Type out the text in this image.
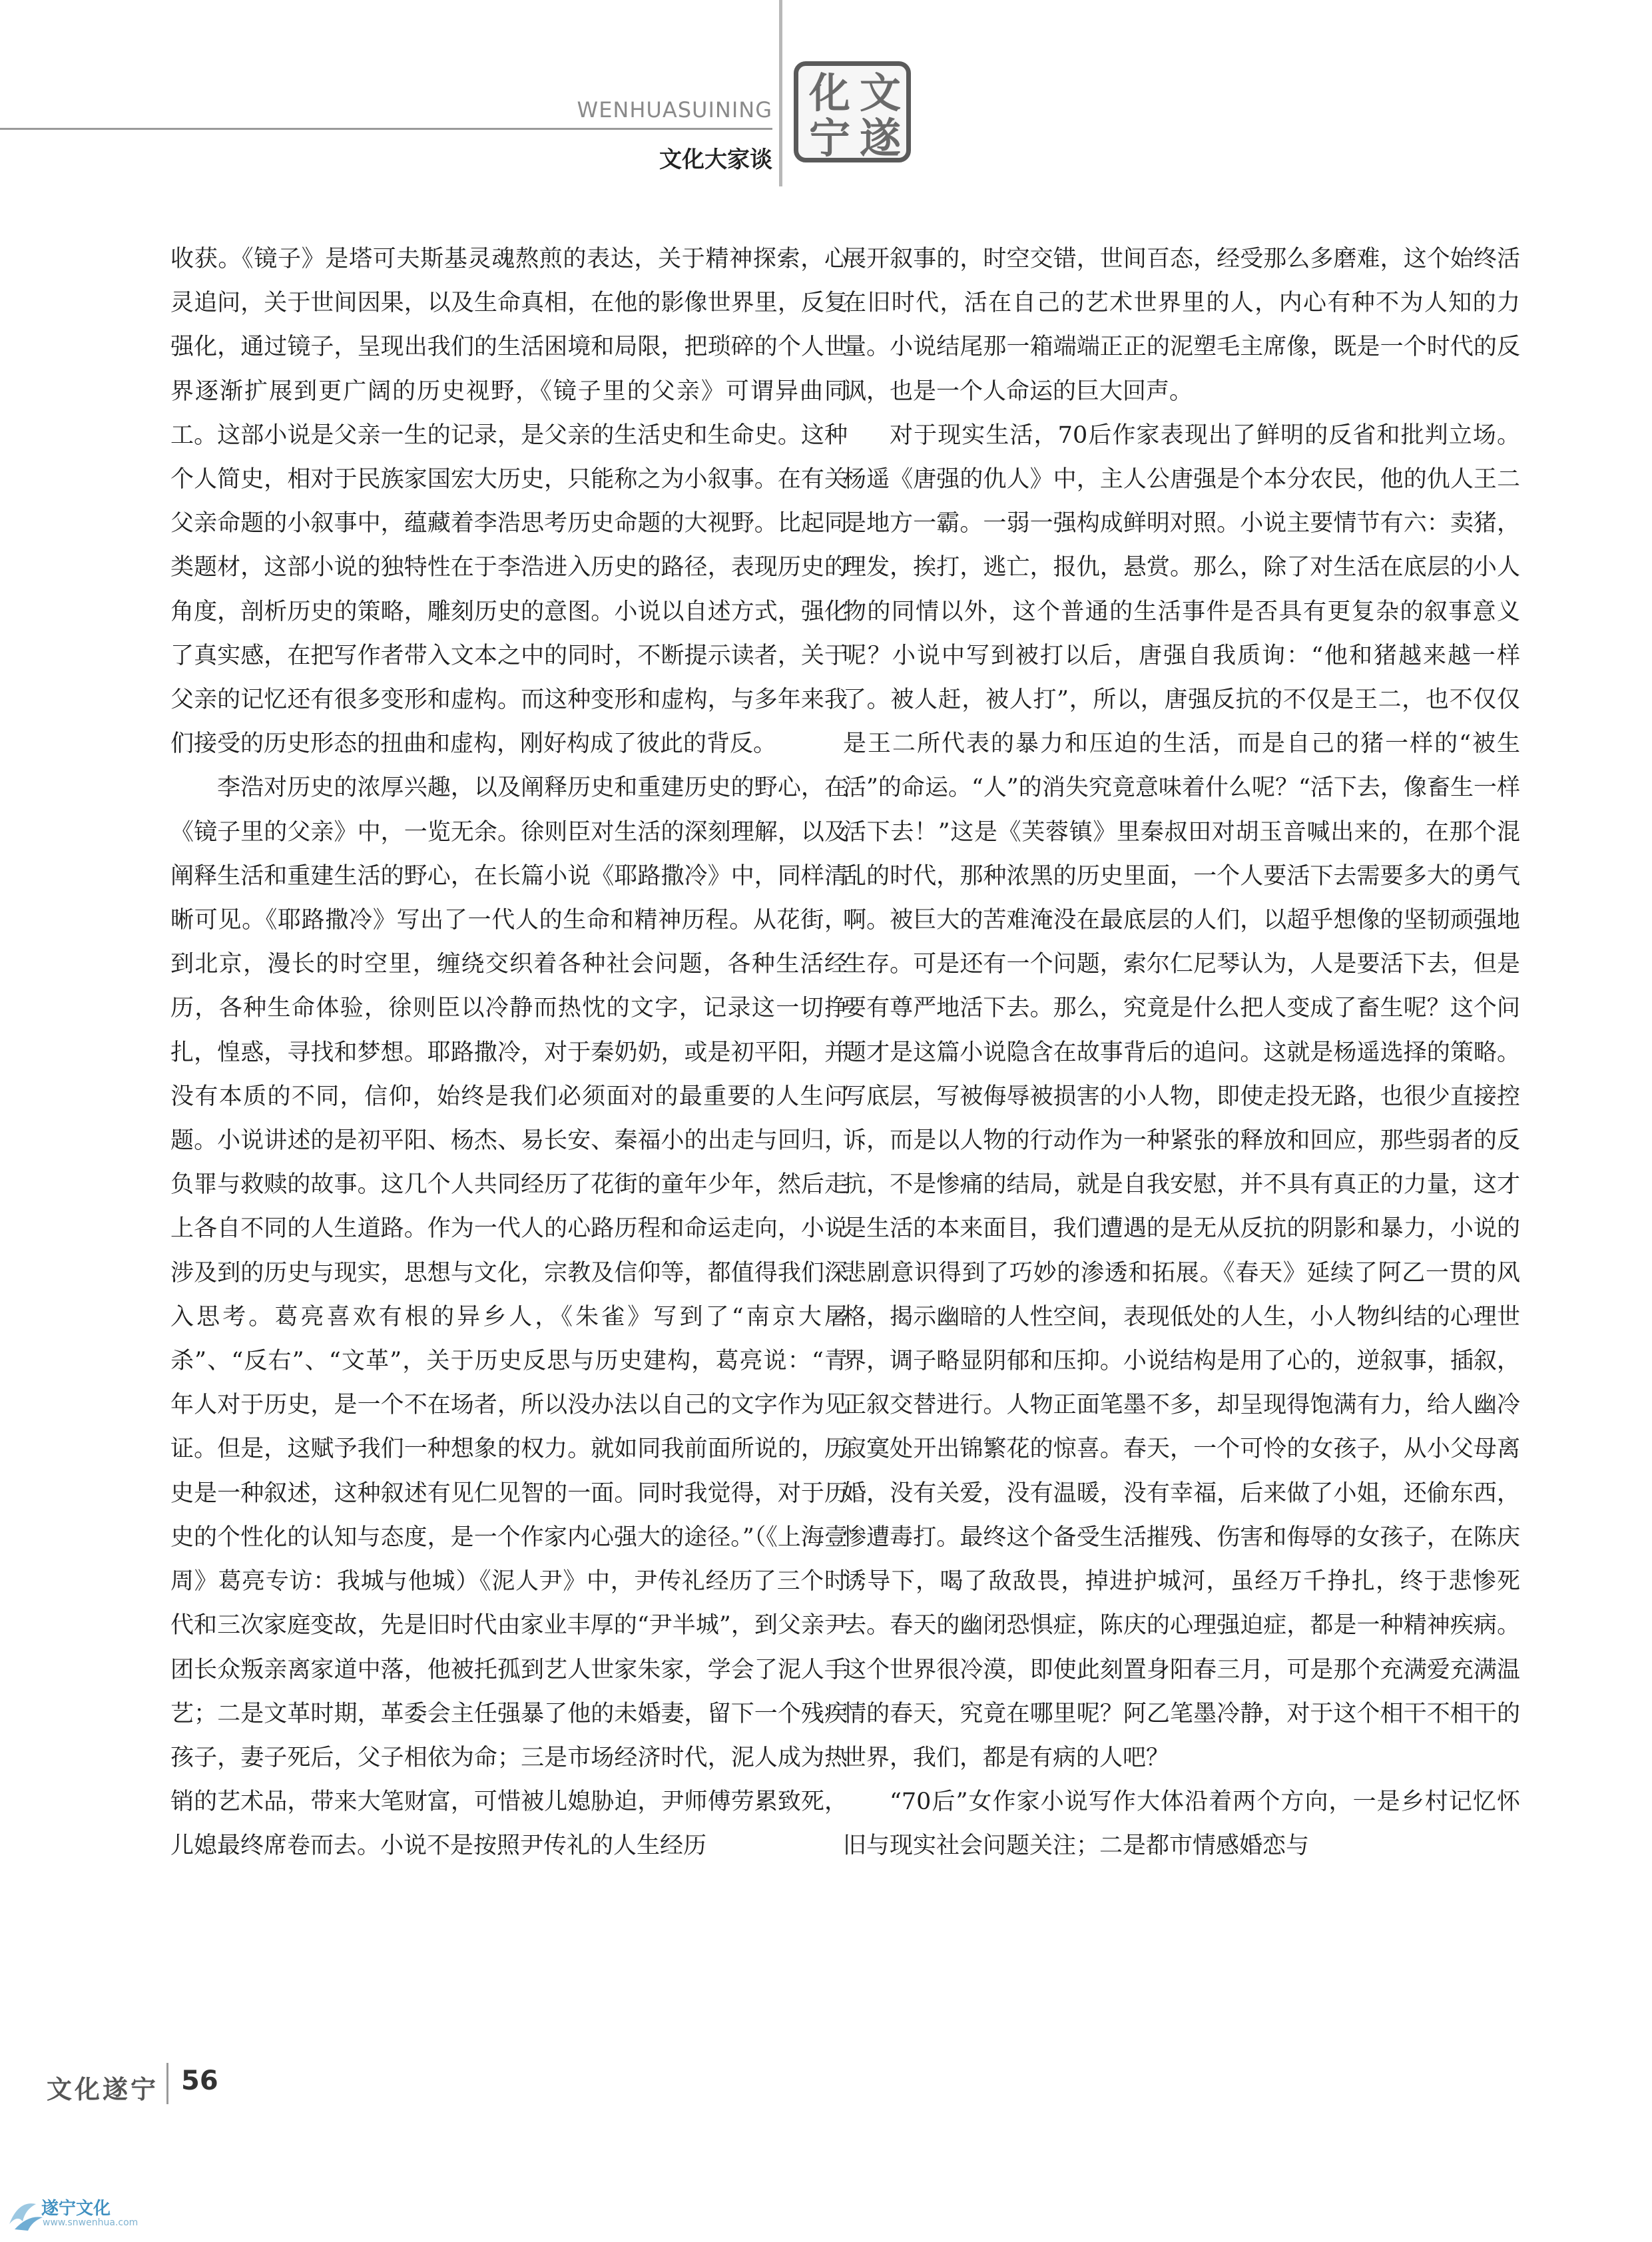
WENHUASUINING
文化大家谈
文
化
遂
宁

收获。《镜子》是塔可夫斯基灵魂熬煎的表达，关于精神探索，心灵追问，关于世间因果，以及生命真相，在他的影像世界里，反复强化，通过镜子，呈现出我们的生活困境和局限，把琐碎的个人世界逐渐扩展到更广阔的历史视野，《镜子里的父亲》可谓异曲同工。这部小说是父亲一生的记录，是父亲的生活史和生命史。这种个人简史，相对于民族家国宏大历史，只能称之为小叙事。在有关父亲命题的小叙事中，蕴藏着李浩思考历史命题的大视野。比起同类题材，这部小说的独特性在于李浩进入历史的路径，表现历史的角度，剖析历史的策略，雕刻历史的意图。小说以自述方式，强化了真实感，在把写作者带入文本之中的同时，不断提示读者，关于父亲的记忆还有很多变形和虚构。而这种变形和虚构，与多年来我们接受的历史形态的扭曲和虚构，刚好构成了彼此的背反。

李浩对历史的浓厚兴趣，以及阐释历史和重建历史的野心，在《镜子里的父亲》中，一览无余。徐则臣对生活的深刻理解，以及阐释生活和重建生活的野心，在长篇小说《耶路撒冷》中，同样清晰可见。《耶路撒冷》写出了一代人的生命和精神历程。从花街，到北京，漫长的时空里，缠绕交织着各种社会问题，各种生活经历，各种生命体验，徐则臣以冷静而热忱的文字，记录这一切挣扎，惶惑，寻找和梦想。耶路撒冷，对于秦奶奶，或是初平阳，并没有本质的不同，信仰，始终是我们必须面对的最重要的人生问题。小说讲述的是初平阳、杨杰、易长安、秦福小的出走与回归，负罪与救赎的故事。这几个人共同经历了花街的童年少年，然后走上各自不同的人生道路。作为一代人的心路历程和命运走向，小说涉及到的历史与现实，思想与文化，宗教及信仰等，都值得我们深入思考。葛亮喜欢有根的异乡人，《朱雀》写到了“南京大屠杀”、“反右”、“文革”，关于历史反思与历史建构，葛亮说：“青年人对于历史，是一个不在场者，所以没办法以自己的文字作为见证。但是，这赋予我们一种想象的权力。就如同我前面所说的，历史是一种叙述，这种叙述有见仁见智的一面。同时我觉得，对于历史的个性化的认知与态度，是一个作家内心强大的途径。”（《上海壹周》葛亮专访：我城与他城）《泥人尹》中，尹传礼经历了三个时代和三次家庭变故，先是旧时代由家业丰厚的“尹半城”，到父亲尹团长众叛亲离家道中落，他被托孤到艺人世家朱家，学会了泥人手艺；二是文革时期，革委会主任强暴了他的未婚妻，留下一个残疾孩子，妻子死后，父子相依为命；三是市场经济时代，泥人成为热销的艺术品，带来大笔财富，可惜被儿媳胁迫，尹师傅劳累致死，儿媳最终席卷而去。小说不是按照尹传礼的人生经历

展开叙事的，时空交错，世间百态，经受那么多磨难，这个始终活在旧时代，活在自己的艺术世界里的人，内心有种不为人知的力量。小说结尾那一箱端端正正的泥塑毛主席像，既是一个时代的反讽，也是一个人命运的巨大回声。

对于现实生活，70后作家表现出了鲜明的反省和批判立场。杨遥《唐强的仇人》中，主人公唐强是个本分农民，他的仇人王二是地方一霸。一弱一强构成鲜明对照。小说主要情节有六：卖猪，理发，挨打，逃亡，报仇，悬赏。那么，除了对生活在底层的小人物的同情以外，这个普通的生活事件是否具有更复杂的叙事意义呢？小说中写到被打以后，唐强自我质询：“他和猪越来越一样了。被人赶，被人打”，所以，唐强反抗的不仅是王二，也不仅仅是王二所代表的暴力和压迫的生活，而是自己的猪一样的“被生活”的命运。“人”的消失究竟意味着什么呢？“活下去，像畜生一样活下去！”这是《芙蓉镇》里秦叔田对胡玉音喊出来的，在那个混乱的时代，那种浓黑的历史里面，一个人要活下去需要多大的勇气啊。被巨大的苦难淹没在最底层的人们，以超乎想像的坚韧顽强地生存。可是还有一个问题，索尔仁尼琴认为，人是要活下去，但是要有尊严地活下去。那么，究竟是什么把人变成了畜生呢？这个问题才是这篇小说隐含在故事背后的追问。这就是杨遥选择的策略。写底层，写被侮辱被损害的小人物，即使走投无路，也很少直接控诉，而是以人物的行动作为一种紧张的释放和回应，那些弱者的反抗，不是惨痛的结局，就是自我安慰，并不具有真正的力量，这才是生活的本来面目，我们遭遇的是无从反抗的阴影和暴力，小说的悲剧意识得到了巧妙的渗透和拓展。《春天》延续了阿乙一贯的风格，揭示幽暗的人性空间，表现低处的人生，小人物纠结的心理世界，调子略显阴郁和压抑。小说结构是用了心的，逆叙事，插叙，正叙交替进行。人物正面笔墨不多，却呈现得饱满有力，给人幽冷寂寞处开出锦繁花的惊喜。春天，一个可怜的女孩子，从小父母离婚，没有关爱，没有温暖，没有幸福，后来做了小姐，还偷东西，惨遭毒打。最终这个备受生活摧残、伤害和侮辱的女孩子，在陈庆诱导下，喝了敌敌畏，掉进护城河，虽经万千挣扎，终于悲惨死去。春天的幽闭恐惧症，陈庆的心理强迫症，都是一种精神疾病。这个世界很冷漠，即使此刻置身阳春三月，可是那个充满爱充满温情的春天，究竟在哪里呢？阿乙笔墨冷静，对于这个相干不相干的世界，我们，都是有病的人吧？

“70后”女作家小说写作大体沿着两个方向，一是乡村记忆怀旧与现实社会问题关注；二是都市情感婚恋与

文化遂宁 56
遂宁文化
www.snwenhua.com
